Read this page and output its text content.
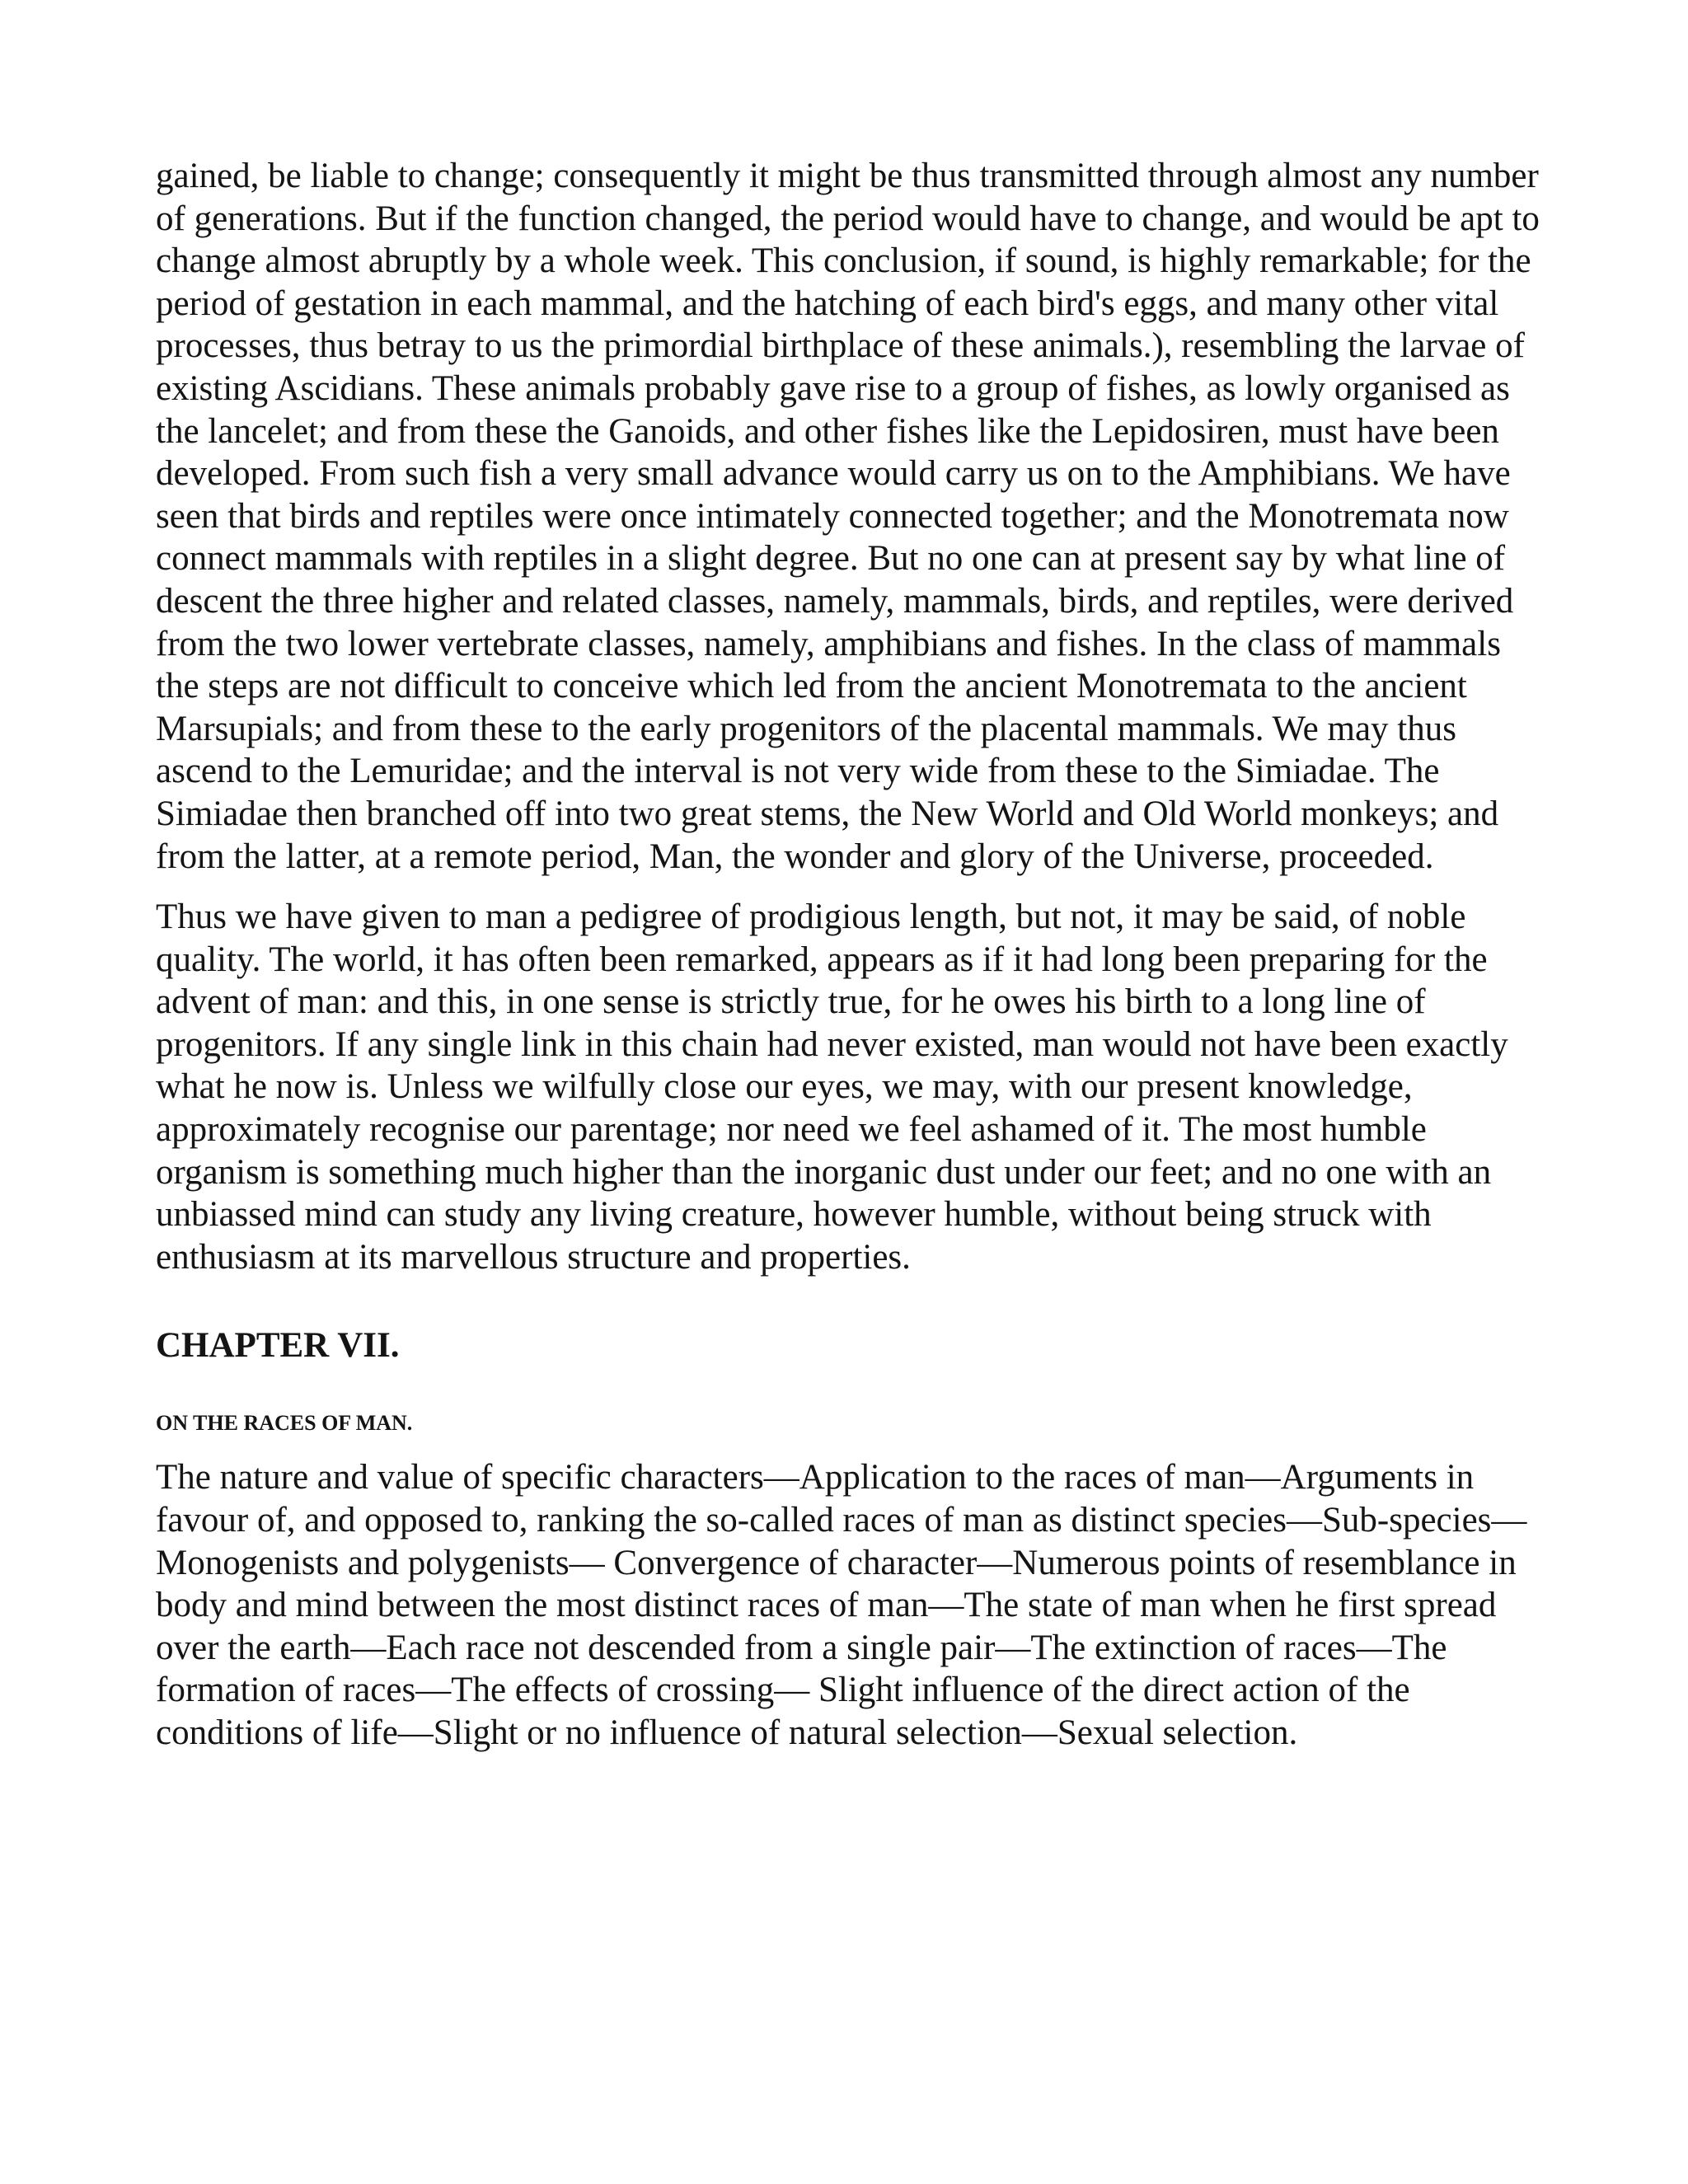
gained, be liable to change; consequently it might be thus transmitted through almost any number of generations. But if the function changed, the period would have to change, and would be apt to change almost abruptly by a whole week. This conclusion, if sound, is highly remarkable; for the period of gestation in each mammal, and the hatching of each bird's eggs, and many other vital processes, thus betray to us the primordial birthplace of these animals.), resembling the larvae of existing Ascidians. These animals probably gave rise to a group of fishes, as lowly organised as the lancelet; and from these the Ganoids, and other fishes like the Lepidosiren, must have been developed. From such fish a very small advance would carry us on to the Amphibians. We have seen that birds and reptiles were once intimately connected together; and the Monotremata now connect mammals with reptiles in a slight degree. But no one can at present say by what line of descent the three higher and related classes, namely, mammals, birds, and reptiles, were derived from the two lower vertebrate classes, namely, amphibians and fishes. In the class of mammals the steps are not difficult to conceive which led from the ancient Monotremata to the ancient Marsupials; and from these to the early progenitors of the placental mammals. We may thus ascend to the Lemuridae; and the interval is not very wide from these to the Simiadae. The Simiadae then branched off into two great stems, the New World and Old World monkeys; and from the latter, at a remote period, Man, the wonder and glory of the Universe, proceeded.

Thus we have given to man a pedigree of prodigious length, but not, it may be said, of noble quality. The world, it has often been remarked, appears as if it had long been preparing for the advent of man: and this, in one sense is strictly true, for he owes his birth to a long line of progenitors. If any single link in this chain had never existed, man would not have been exactly what he now is. Unless we wilfully close our eyes, we may, with our present knowledge, approximately recognise our parentage; nor need we feel ashamed of it. The most humble organism is something much higher than the inorganic dust under our feet; and no one with an unbiassed mind can study any living creature, however humble, without being struck with enthusiasm at its marvellous structure and properties.

CHAPTER VII.
ON THE RACES OF MAN.

The nature and value of specific characters—Application to the races of man—Arguments in favour of, and opposed to, ranking the so-called races of man as distinct species—Sub-species—Monogenists and polygenists— Convergence of character—Numerous points of resemblance in body and mind between the most distinct races of man—The state of man when he first spread over the earth—Each race not descended from a single pair—The extinction of races—The formation of races—The effects of crossing— Slight influence of the direct action of the conditions of life—Slight or no influence of natural selection—Sexual selection.
